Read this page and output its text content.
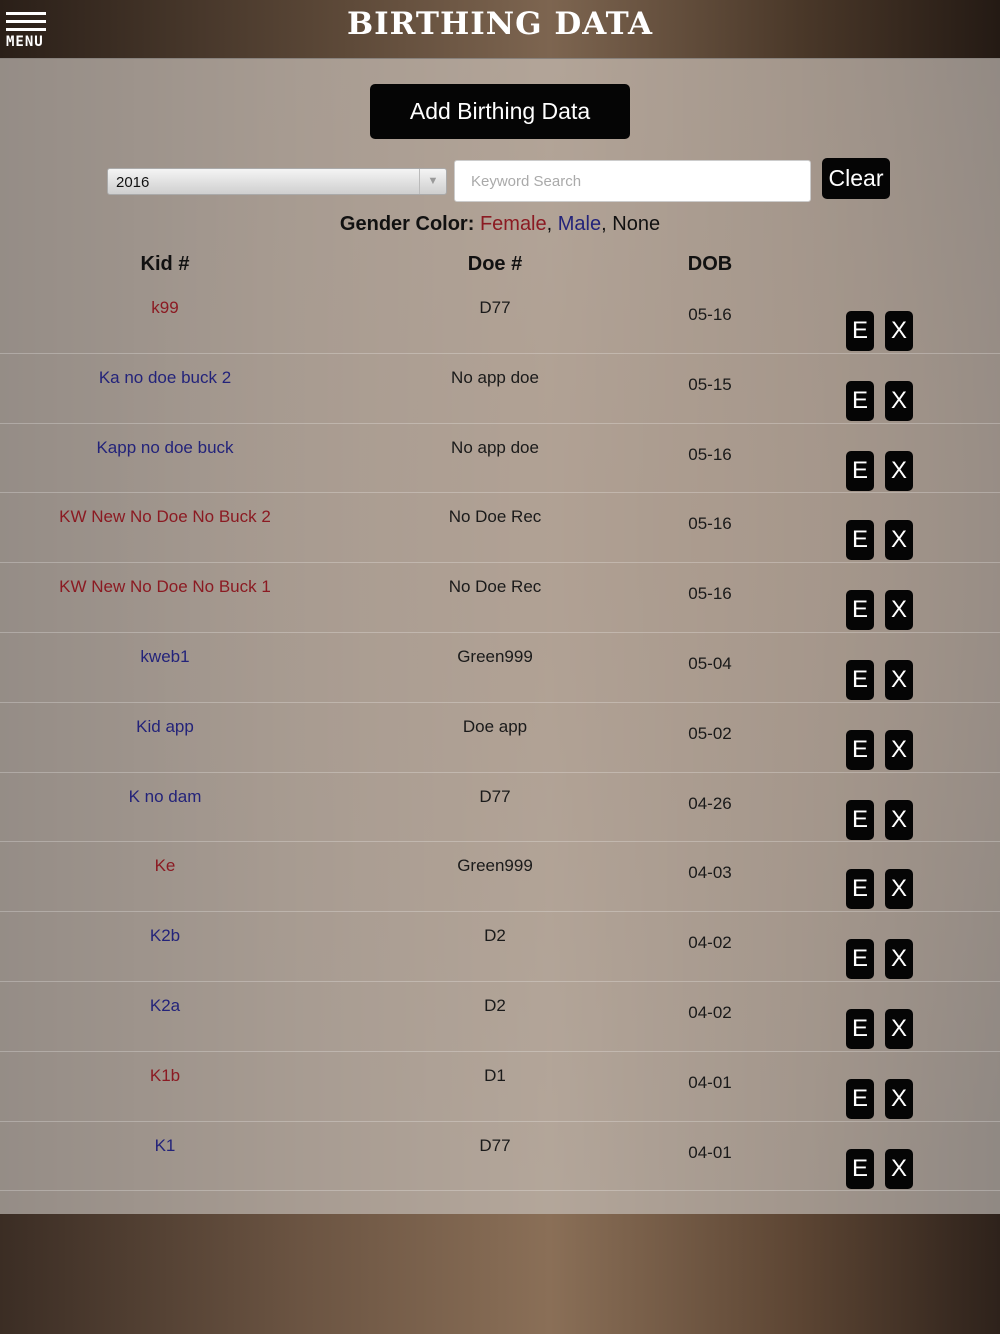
MENU	BIRTHING DATA
Add Birthing Data
2016	▼
Keyword Search	Clear
Gender Color: Female, Male, None
Kid #	Doe #	DOB
k99	D77	05-16
E X
Ka no doe buck 2	No app doe	05-15
E X
Kapp no doe buck	No app doe	05-16
E X
KW New No Doe No Buck 2	No Doe Rec	05-16
E X
KW New No Doe No Buck 1	No Doe Rec	05-16
E X
kweb1	Green999	05-04
E X
Kid app	Doe app	05-02
E X
K no dam	D77	04-26
E X
Ke	Green999	04-03
E X
K2b	D2	04-02
E X
K2a	D2	04-02
E X
K1b	D1	04-01
E X
K1	D77	04-01
E X
